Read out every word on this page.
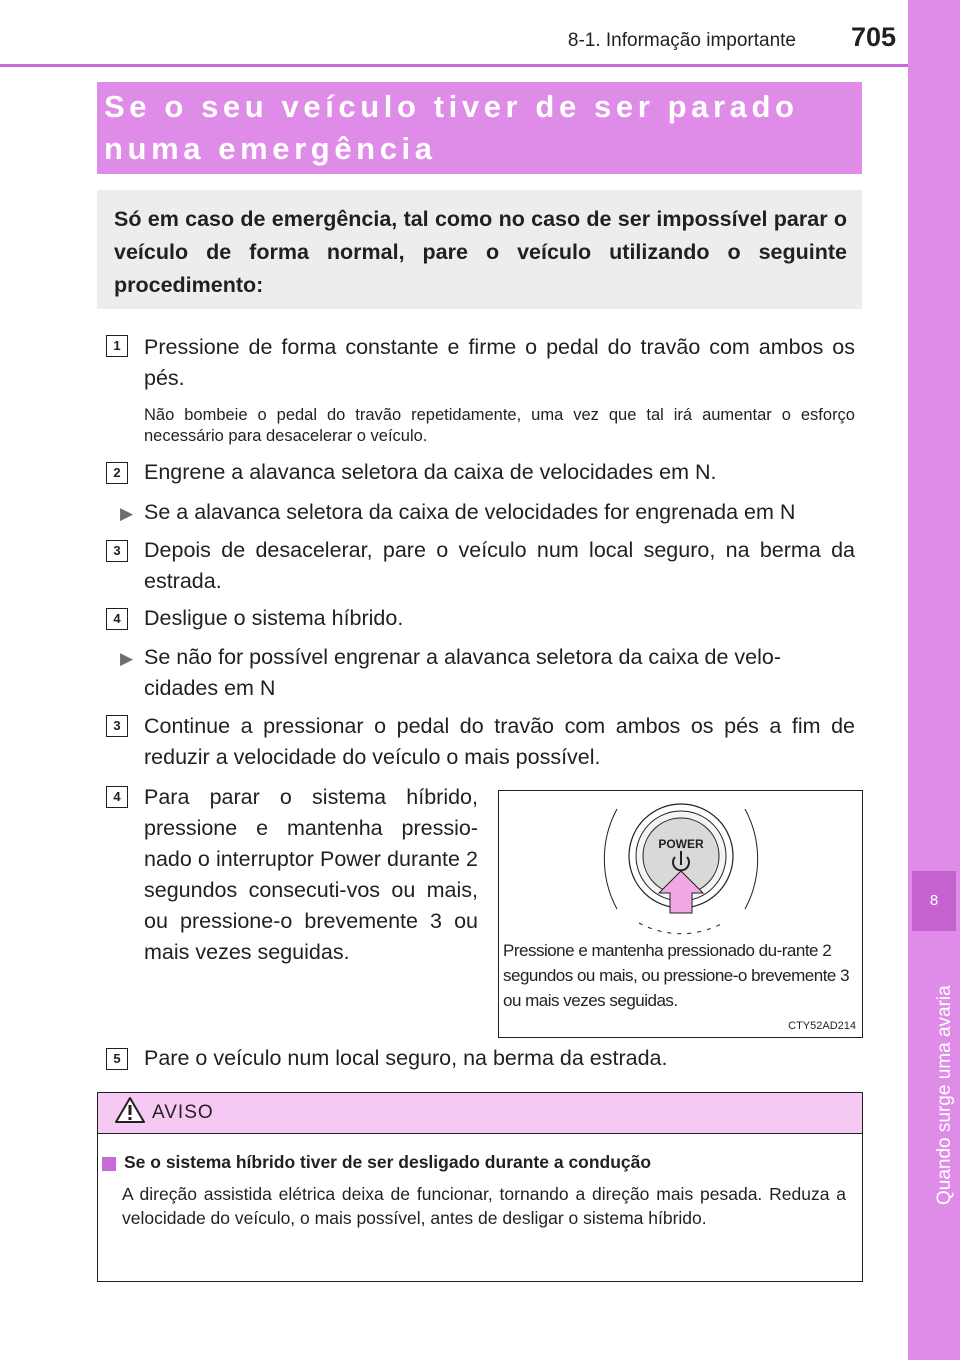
8-1. Informação importante	705
8
Quando surge uma avaria
Se o seu veículo tiver de ser parado numa emergência
Só em caso de emergência, tal como no caso de ser impossível parar o veículo de forma normal, pare o veículo utilizando o seguinte procedimento:
1	Pressione de forma constante e firme o pedal do travão com ambos os pés.
Não bombeie o pedal do travão repetidamente, uma vez que tal irá aumentar o esforço necessário para desacelerar o veículo.
2	Engrene a alavanca seletora da caixa de velocidades em N.
▶ Se a alavanca seletora da caixa de velocidades for engrenada em N
3	Depois de desacelerar, pare o veículo num local seguro, na berma da estrada.
4	Desligue o sistema híbrido.
▶ Se não for possível engrenar a alavanca seletora da caixa de velo-cidades em N
3	Continue a pressionar o pedal do travão com ambos os pés a fim de reduzir a velocidade do veículo o mais possível.
4	Para parar o sistema híbrido, pressione e mantenha pressio-nado o interruptor Power durante 2 segundos consecuti-vos ou mais, ou pressione-o brevemente 3 ou mais vezes seguidas.
POWER
Pressione e mantenha pressionado du-rante 2 segundos ou mais, ou pressione-o brevemente 3 ou mais vezes seguidas.
CTY52AD214
5	Pare o veículo num local seguro, na berma da estrada.
AVISO
Se o sistema híbrido tiver de ser desligado durante a condução
A direção assistida elétrica deixa de funcionar, tornando a direção mais pesada. Reduza a velocidade do veículo, o mais possível, antes de desligar o sistema híbrido.
